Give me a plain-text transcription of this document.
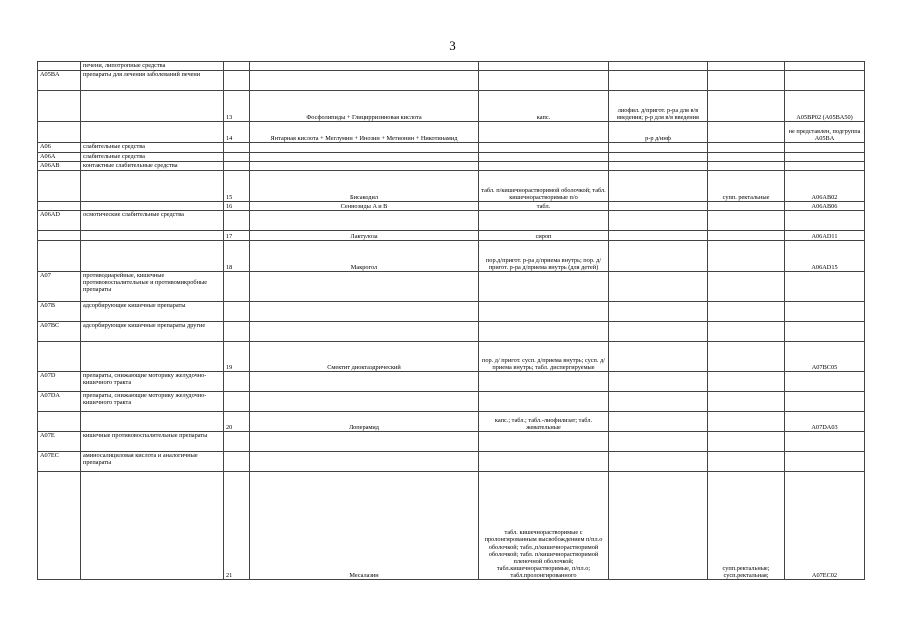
3
	печени, липотропные средства						
A05BA	препараты для лечения заболеваний печени						
		13	Фосфолипиды + Глицирризиновая кислота	капс.	лиофил. д/пригот. р-ра для в/в введения; р-р для в/в введения		A05BP02 (A05BA50)
		14	Янтарная кислота + Меглумин + Инозин + Метионин + Никотинамид		р-р д/инф		не представлен, подгруппа A05BA
A06	слабительные средства						
A06A	слабительные средства						
A06AB	контактные слабительные средства						
		15	Бисакодил	табл. п/кишечнорастворимой оболочкой; табл. кишечнорастворимые п/о		супп. ректальные	A06AB02
		16	Сеннозиды A и B	табл.			A06AB06
A06AD	осмотические слабительные средства						
		17	Лактулоза	сироп			A06AD11
		18	Макрогол	пор.д/пригот. р-ра д/приема внутрь; пор. д/пригот. р-ра д/приема внутрь (для детей)			A06AD15
A07	противодиарейные, кишечные противовоспалительные и противомикробные препараты						
A07B	адсорбирующие кишечные препараты						
A07BC	адсорбирующие кишечные препараты другие						
		19	Смектит диоктаэдрический	пор. д/ пригот. сусп. д/приема внутрь; сусп. д/приема внутрь; табл. диспергируемые			A07BC05
A07D	препараты, снижающие моторику желудочно-кишечного тракта						
A07DA	препараты, снижающие моторику желудочно-кишечного тракта						
		20	Лоперамид	капс.; табл.; табл.-лиофилизат; табл. жевательные			A07DA03
A07E	кишечные противовоспалительные препараты						
A07EC	аминосалициловая кислота и аналогичные препараты						
		21	Месалазин	табл. кишечнорастворимые с пролонгированным высвобождением п/пл.о оболочкой; табл.,п/кишечнорастворимой оболочкой; табл. п/кишечнорастворимой пленочной оболочкой; табл.кишечнорастворимые, п/пл.о; табл.пролонгированного		супп.ректальные; сусп.ректальная;	A07EC02
